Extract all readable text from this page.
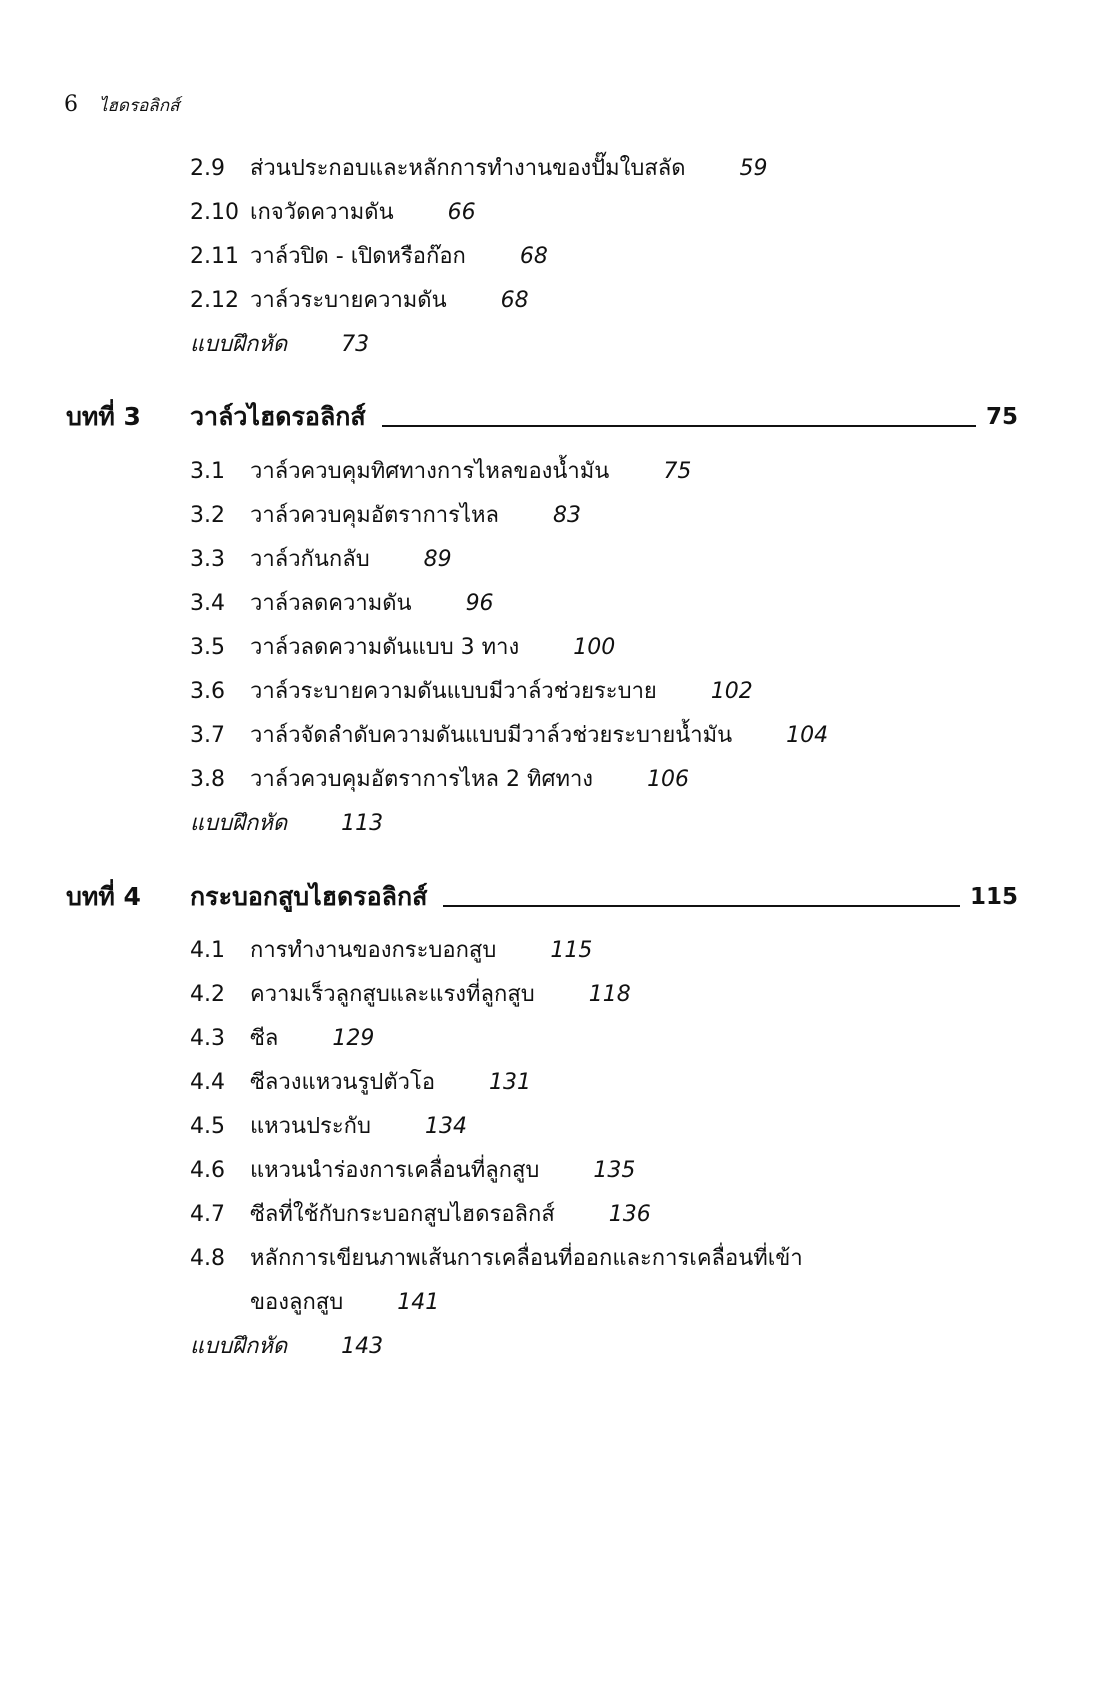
6 ไฮดรอลิกส์
2.9 ส่วนประกอบและหลักการทำงานของปั๊มใบสลัด 59
2.10 เกจวัดความดัน 66
2.11 วาล์วปิด - เปิดหรือก๊อก 68
2.12 วาล์วระบายความดัน 68
แบบฝึกหัด 73
บทที่ 3	วาล์วไฮดรอลิกส์	75
3.1 วาล์วควบคุมทิศทางการไหลของน้ำมัน 75
3.2 วาล์วควบคุมอัตราการไหล 83
3.3 วาล์วกันกลับ 89
3.4 วาล์วลดความดัน 96
3.5 วาล์วลดความดันแบบ 3 ทาง 100
3.6 วาล์วระบายความดันแบบมีวาล์วช่วยระบาย 102
3.7 วาล์วจัดลำดับความดันแบบมีวาล์วช่วยระบายน้ำมัน 104
3.8 วาล์วควบคุมอัตราการไหล 2 ทิศทาง 106
แบบฝึกหัด 113
บทที่ 4	กระบอกสูบไฮดรอลิกส์	115
4.1 การทำงานของกระบอกสูบ 115
4.2 ความเร็วลูกสูบและแรงที่ลูกสูบ 118
4.3 ซีล 129
4.4 ซีลวงแหวนรูปตัวโอ 131
4.5 แหวนประกับ 134
4.6 แหวนนำร่องการเคลื่อนที่ลูกสูบ 135
4.7 ซีลที่ใช้กับกระบอกสูบไฮดรอลิกส์ 136
4.8 หลักการเขียนภาพเส้นการเคลื่อนที่ออกและการเคลื่อนที่เข้า
ของลูกสูบ 141
แบบฝึกหัด 143
